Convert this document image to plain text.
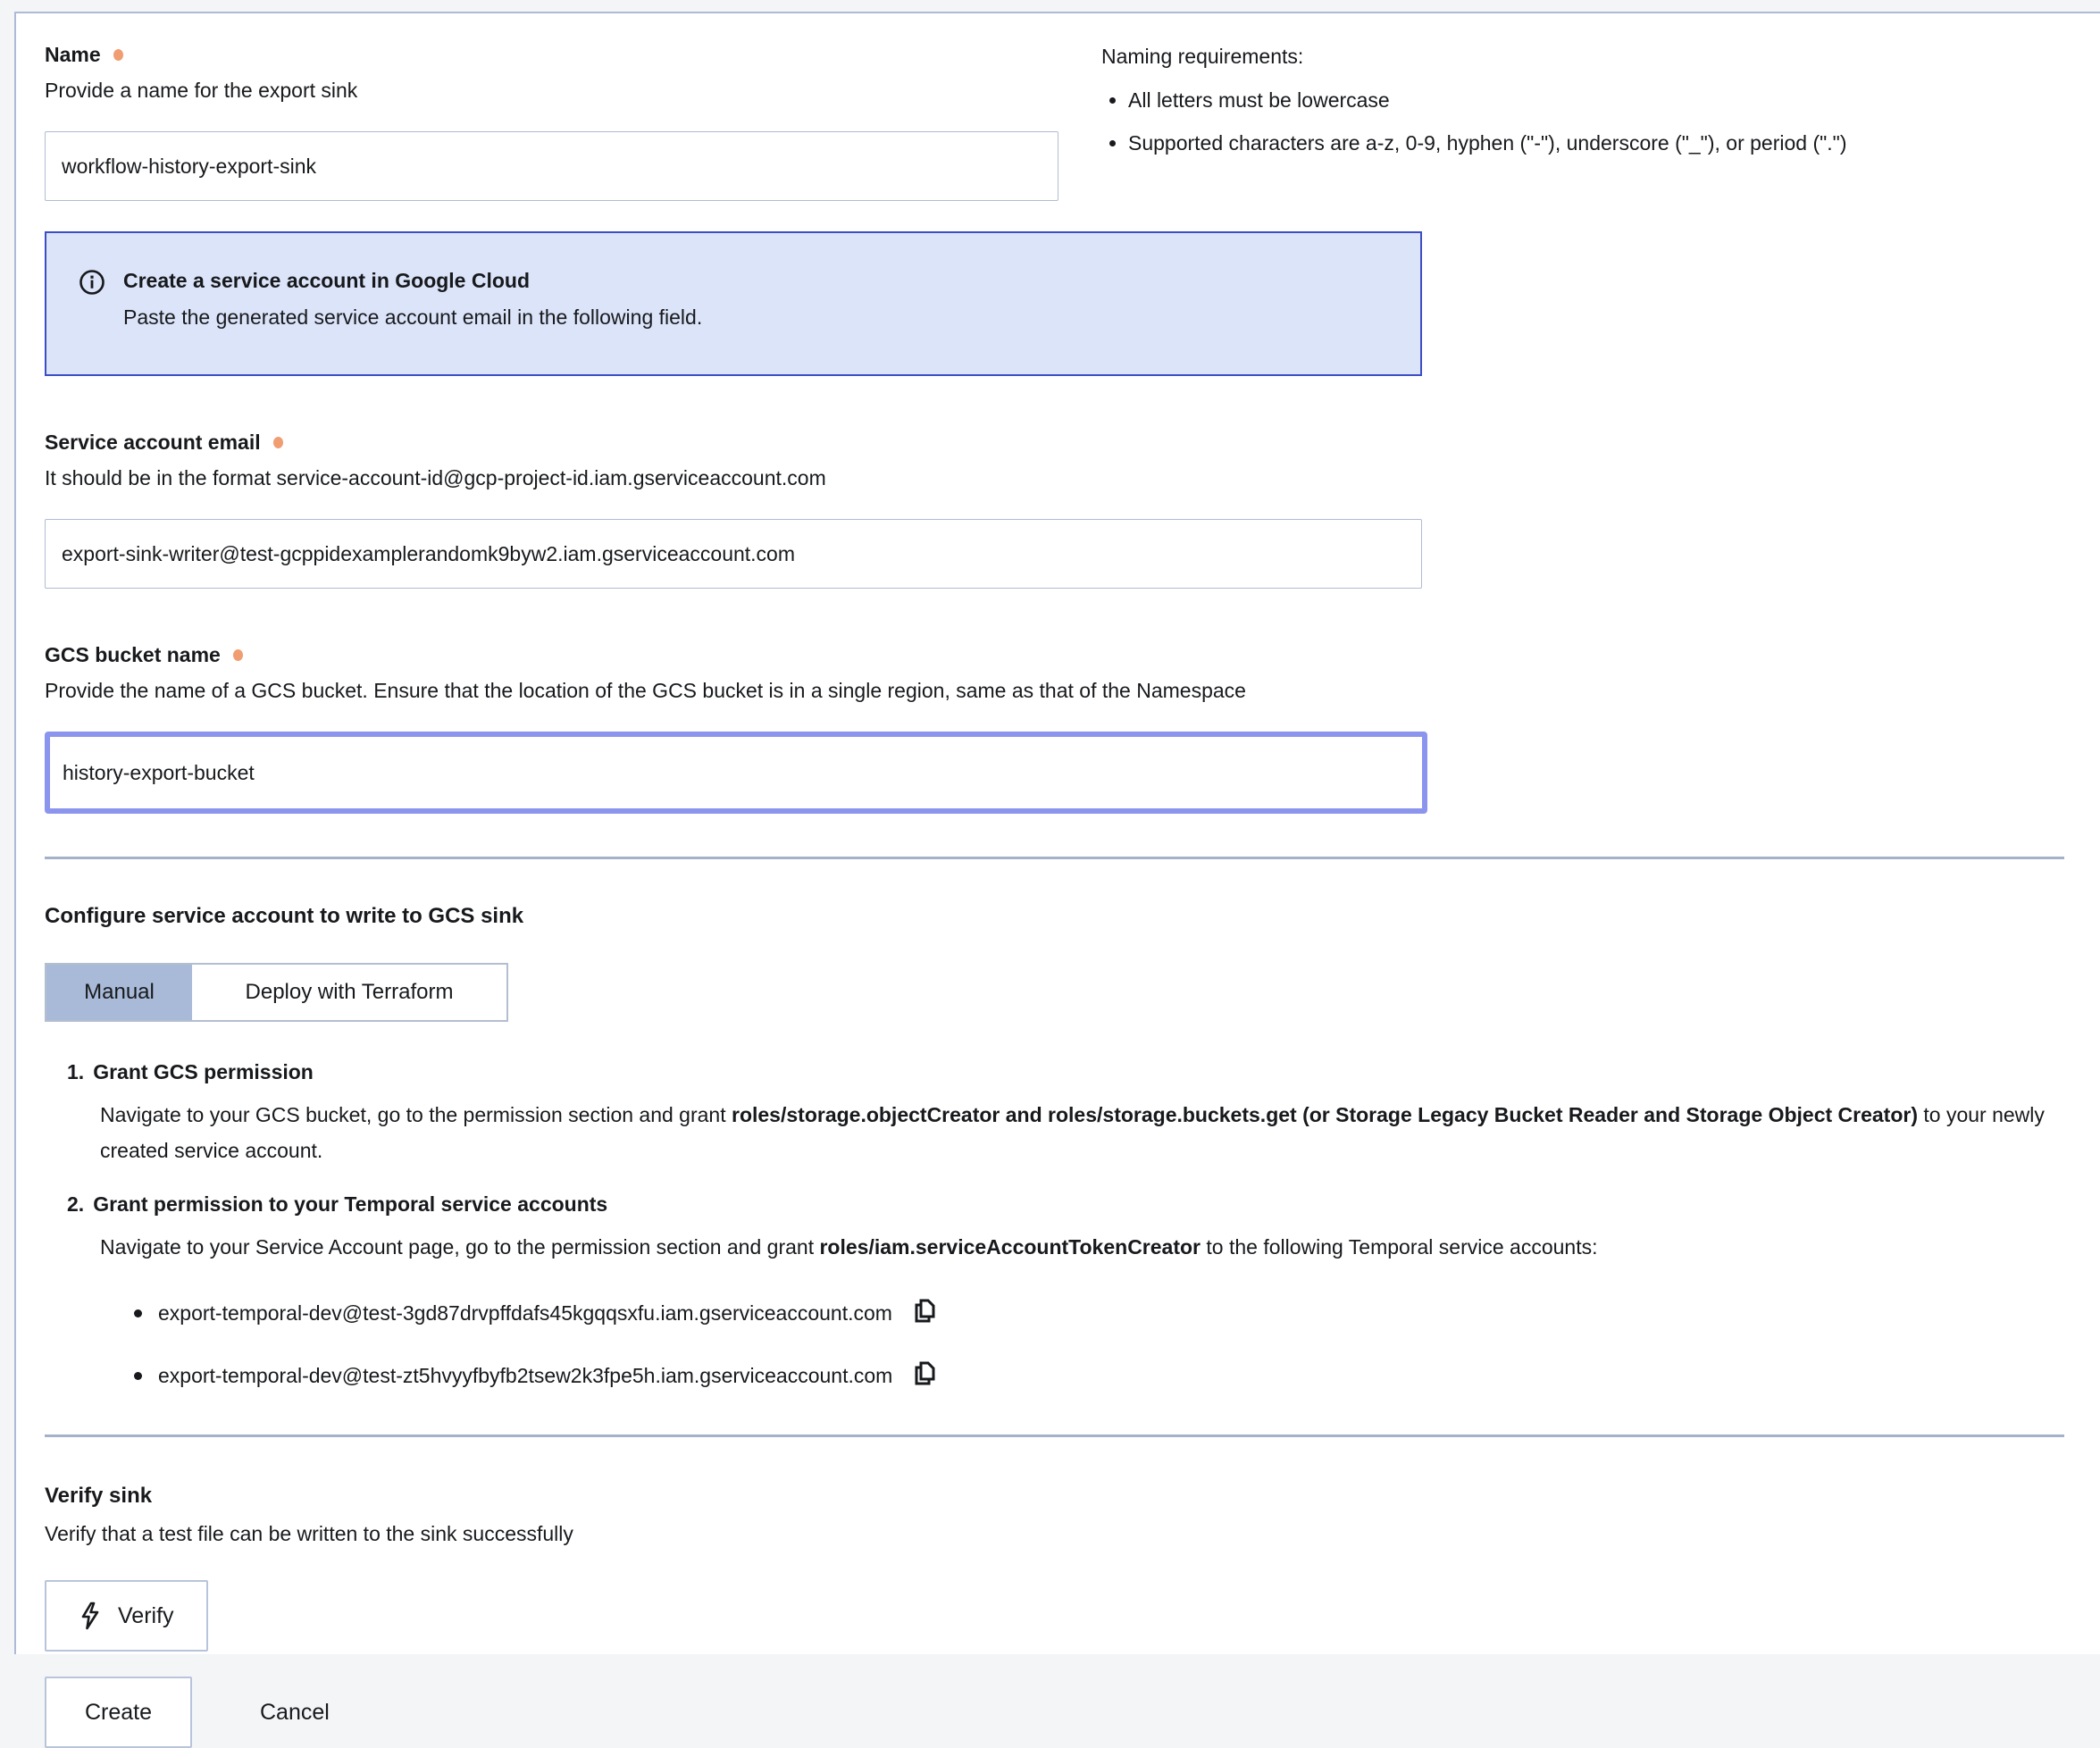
Name
Provide a name for the export sink
workflow-history-export-sink
Create a service account in Google Cloud
Paste the generated service account email in the following field.
Naming requirements:
• All letters must be lowercase
• Supported characters are a-z, 0-9, hyphen ("-"), underscore ("_"), or period (".")
Service account email
It should be in the format service-account-id@gcp-project-id.iam.gserviceaccount.com
export-sink-writer@test-gcppidexamplerandomk9byw2.iam.gserviceaccount.com
GCS bucket name
Provide the name of a GCS bucket. Ensure that the location of the GCS bucket is in a single region, same as that of the Namespace
history-export-bucket
Configure service account to write to GCS sink
Manual	Deploy with Terraform
1. Grant GCS permission
Navigate to your GCS bucket, go to the permission section and grant roles/storage.objectCreator and roles/storage.buckets.get (or Storage Legacy Bucket Reader and Storage Object Creator) to your newly created service account.
2. Grant permission to your Temporal service accounts
Navigate to your Service Account page, go to the permission section and grant roles/iam.serviceAccountTokenCreator to the following Temporal service accounts:
export-temporal-dev@test-3gd87drvpffdafs45kgqqsxfu.iam.gserviceaccount.com
export-temporal-dev@test-zt5hvyyfbyfb2tsew2k3fpe5h.iam.gserviceaccount.com
Verify sink
Verify that a test file can be written to the sink successfully
Verify
Create	Cancel
